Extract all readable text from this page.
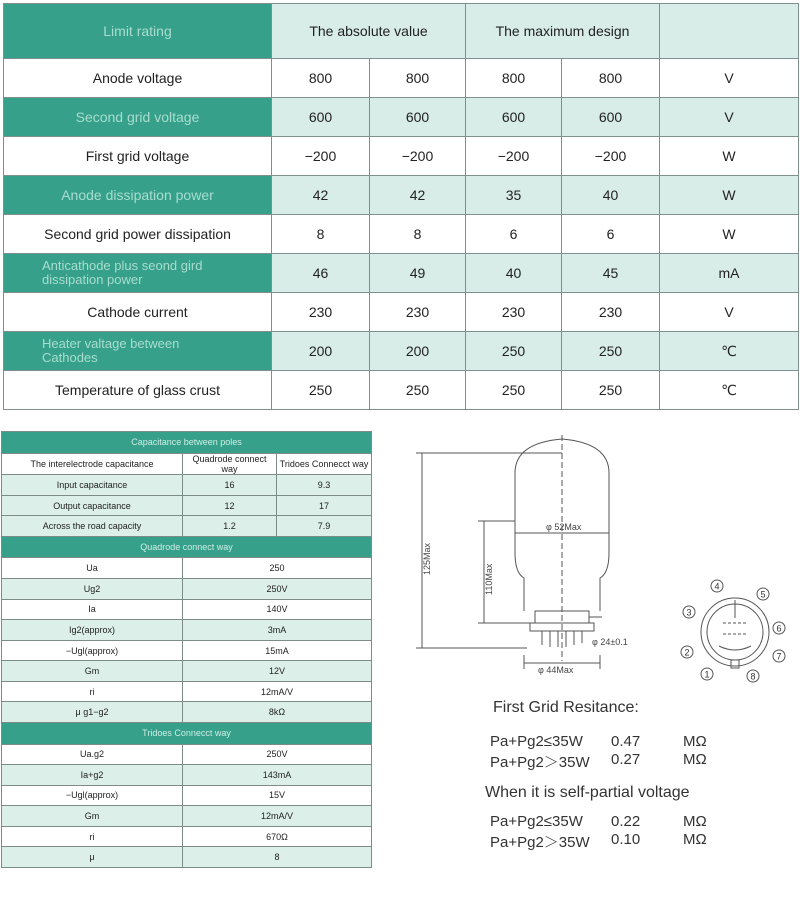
Limit rating	The absolute value		The maximum design		
Anode voltage	800	800	800	800	V
Second grid voltage	600	600	600	600	V
First grid voltage	−200	−200	−200	−200	W
Anode dissipation power	42	42	35	40	W
Second grid power dissipation	8	8	6	6	W
Anticathode plus seond gird
dissipation power	46	49	40	45	mA
Cathode current	230	230	230	230	V
Heater valtage between
Cathodes	200	200	250	250	℃
Temperature of glass crust	250	250	250	250	℃
Capacitance between poles		
The interelectrode capacitance	Quadrode connect way	Tridoes Connecct way
Input capacitance	16	9.3
Output capacitance	12	17
Across the road capacity	1.2	7.9
Quadrode connect way		
Ua	250	
Ug2	250V	
Ia	140V	
Ig2(approx)	3mA	
−Ugl(approx)	15mA	
Gm	12V	
ri	12mA/V	
μ g1−g2	8kΩ	
Tridoes Connecct way		
Ua.g2	250V	
Ia+g2	143mA	
−Ugl(approx)	15V	
Gm	12mA/V	
ri	670Ω	
μ	8	
φ 52Max
125Max
110Max
φ 24±0.1
φ 44Max	1
2
3
4
5
6
7
8
First Grid Resitance:
Pa+Pg2≤35W 0.47	MΩ
Pa+Pg2＞35W 0.27	MΩ
When it is self-partial voltage
Pa+Pg2≤35W 0.22	MΩ
Pa+Pg2＞35W 0.10	MΩ
